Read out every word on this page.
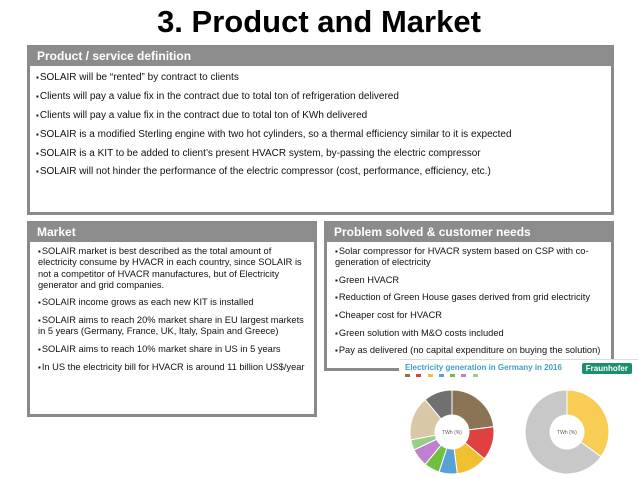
3. Product and Market
Product / service definition
▪SOLAIR will be “rented” by contract to clients
▪Clients will pay a value fix in the contract due to total ton of refrigeration delivered
▪Clients will pay a value fix in the contract due to total ton of KWh delivered
▪SOLAIR is a modified Sterling engine with two hot cylinders, so a thermal efficiency similar to it is expected
▪SOLAIR is a KIT to be added to client’s present HVACR system, by-passing the electric compressor
▪SOLAIR will not hinder the performance of the electric compressor (cost, performance, efficiency, etc.)
Market
▪SOLAIR market is best described as the total amount of electricity consume by HVACR in each country, since SOLAIR is not a competitor of HVACR manufactures, but of Electricity generator and grid companies.
▪SOLAIR income grows as each new KIT is installed
▪SOLAIR aims to reach 20% market share in EU largest markets in 5 years (Germany, France, UK, Italy, Spain and Greece)
▪SOLAIR aims to reach 10% market share in US in 5 years
▪In US the electricity bill for HVACR is around 11 billion US$/year
Problem solved & customer needs
▪Solar compressor for HVACR system based on CSP with co-generation of electricity
▪Green HVACR
▪Reduction of Green House gases derived from grid electricity
▪Cheaper cost for HVACR
▪Green solution with M&O costs included
▪Pay as delivered (no capital expenditure on buying the solution)
Electricity generation in Germany in 2016	Fraunhofer

TWh (%)	TWh (%)
